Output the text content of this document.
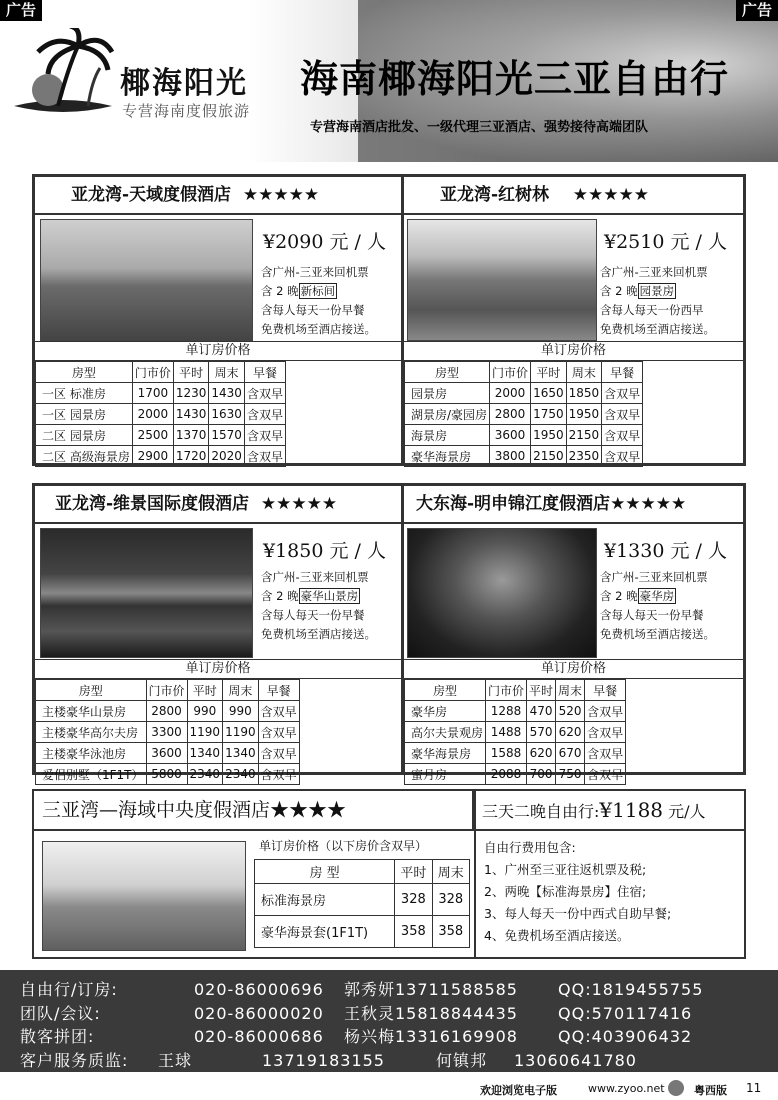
椰海阳光
专营海南度假旅游
海南椰海阳光三亚自由行
专营海南酒店批发、一级代理三亚酒店、强势接待高端团队
广告	广告
亚龙湾-天域度假酒店 ★★★★★
¥2090 元 / 人
含广州-三亚来回机票
含 2 晚 新标间
含每人每天一份早餐
免费机场至酒店接送。
单订房价格
房型	门市价	平时	周末	早餐
一区 标准房	1700	1230	1430	含双早
一区 园景房	2000	1430	1630	含双早
二区 园景房	2500	1370	1570	含双早
二区 高级海景房	2900	1720	2020	含双早
亚龙湾-红树林 ★★★★★
¥2510 元 / 人
含广州-三亚来回机票
含 2 晚 园景房
含每人每天一份西早
免费机场至酒店接送。
单订房价格
房型	门市价	平时	周末	早餐
园景房	2000	1650	1850	含双早
湖景房/豪园房	2800	1750	1950	含双早
海景房	3600	1950	2150	含双早
豪华海景房	3800	2150	2350	含双早
亚龙湾-维景国际度假酒店 ★★★★★
¥1850 元 / 人
含广州-三亚来回机票
含 2 晚 豪华山景房
含每人每天一份早餐
免费机场至酒店接送。
单订房价格
房型	门市价	平时	周末	早餐
主楼豪华山景房	2800	990	990	含双早
主楼豪华高尔夫房	3300	1190	1190	含双早
主楼豪华泳池房	3600	1340	1340	含双早
爱侣别墅（1F1T）	5800	2340	2340	含双早
大东海-明申锦江度假酒店★★★★★
¥1330 元 / 人
含广州-三亚来回机票
含 2 晚 豪华房
含每人每天一份早餐
免费机场至酒店接送。
单订房价格
房型	门市价	平时	周末	早餐
豪华房	1288	470	520	含双早
高尔夫景观房	1488	570	620	含双早
豪华海景房	1588	620	670	含双早
蜜月房	2088	700	750	含双早
三亚湾—海域中央度假酒店★★★★
单订房价格（以下房价含双早）
房 型	平时	周末
标准海景房	328	328
豪华海景套(1F1T)	358	358
三天二晚自由行:¥1188 元/人
自由行费用包含:
1、广州至三亚往返机票及税;
2、两晚【标准海景房】住宿;
3、每人每天一份中西式自助早餐;
4、免费机场至酒店接送。
自由行/订房:	020-86000696	郭秀妍13711588585	QQ:1819455755
团队/会议:	020-86000020	王秋灵15818844435	QQ:570117416
散客拼团:	020-86000686	杨兴梅13316169908	QQ:403906432
客户服务质监:	王球	13719183155	何镇邦	13060641780
欢迎浏览电子版	www.zyoo.net	粤西版 11
